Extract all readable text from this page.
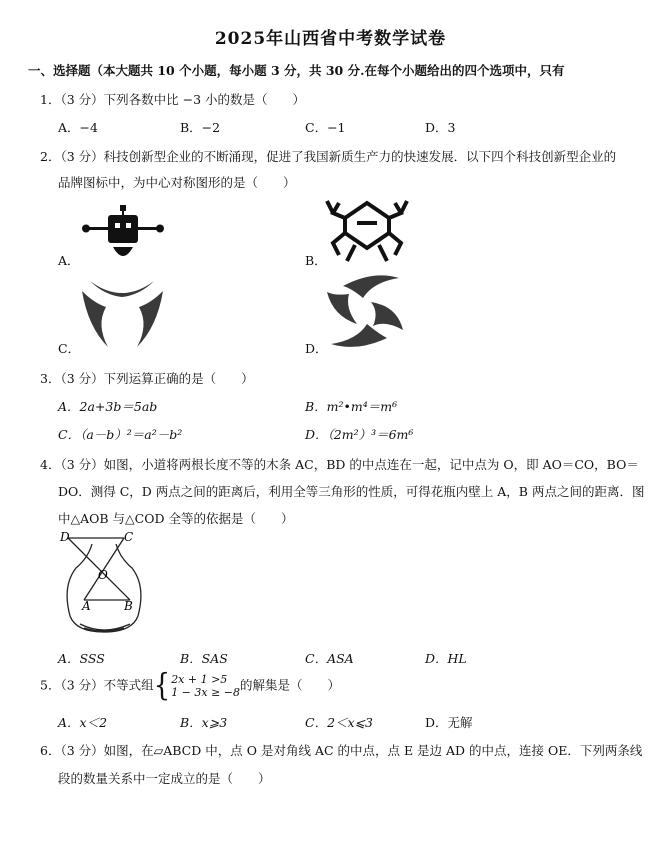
2025年山西省中考数学试卷
一、选择题（本大题共 10 个小题，每小题 3 分，共 30 分.在每个小题给出的四个选项中，只有
1．（3 分）下列各数中比 −3 小的数是（　　）
A．−4	B．−2	C．−1	D．3
2．（3 分）科技创新型企业的不断涌现，促进了我国新质生产力的快速发展．以下四个科技创新型企业的
品牌图标中，为中心对称图形的是（　　）
A．	B．
C．	D．
3．（3 分）下列运算正确的是（　　）
A．2a+3b＝5ab	B．m²•m⁴＝m⁶
C．（a－b）²＝a²－b²	D．（2m²）³＝6m⁶
4．（3 分）如图，小道将两根长度不等的木条 AC，BD 的中点连在一起，记中点为 O，即 AO＝CO，BO＝
DO．测得 C，D 两点之间的距离后，利用全等三角形的性质，可得花瓶内壁上 A，B 两点之间的距离．图
中△AOB 与△COD 全等的依据是（　　）
D	C
O
A	B
A．SSS	B．SAS	C．ASA	D．HL
5．（3 分）不等式组{ 2x + 1 >5
1 − 3x ≥ −8 的解集是（　　）
A．x＜2	B．x⩾3	C．2＜x⩽3	D．无解
6．（3 分）如图，在▱ABCD 中，点 O 是对角线 AC 的中点，点 E 是边 AD 的中点，连接 OE．下列两条线
段的数量关系中一定成立的是（　　）
